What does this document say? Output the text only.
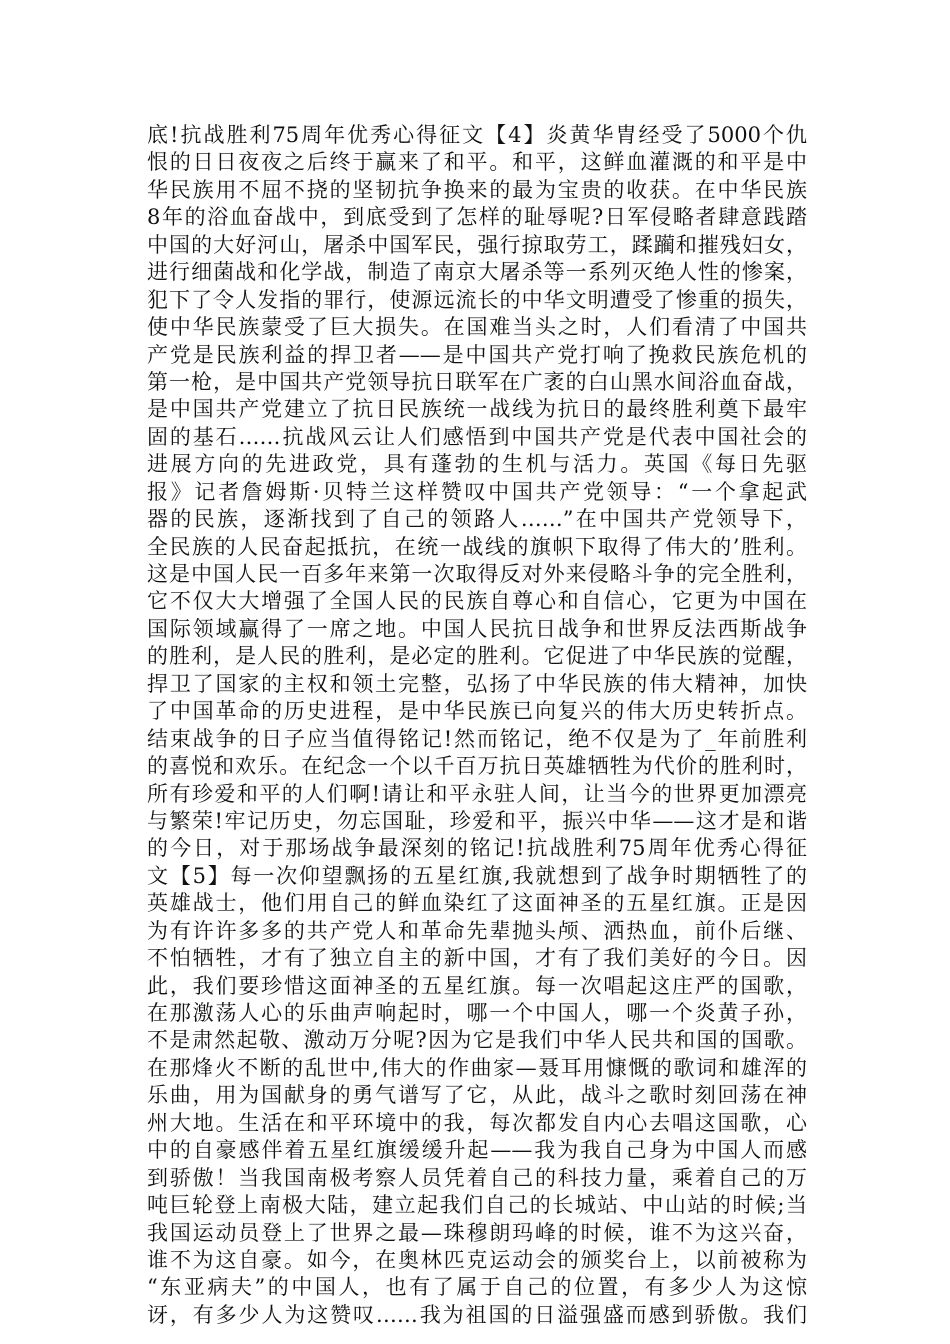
底!抗战胜利75周年优秀心得征文【4】炎黄华胄经受了5000个仇
恨的日日夜夜之后终于赢来了和平。和平，这鲜血灌溉的和平是中
华民族用不屈不挠的坚韧抗争换来的最为宝贵的收获。在中华民族
8年的浴血奋战中，到底受到了怎样的耻辱呢?日军侵略者肆意践踏
中国的大好河山，屠杀中国军民，强行掠取劳工，蹂躏和摧残妇女，
进行细菌战和化学战，制造了南京大屠杀等一系列灭绝人性的惨案，
犯下了令人发指的罪行，使源远流长的中华文明遭受了惨重的损失，
使中华民族蒙受了巨大损失。在国难当头之时，人们看清了中国共
产党是民族利益的捍卫者——是中国共产党打响了挽救民族危机的
第一枪，是中国共产党领导抗日联军在广袤的白山黑水间浴血奋战，
是中国共产党建立了抗日民族统一战线为抗日的最终胜利奠下最牢
固的基石……抗战风云让人们感悟到中国共产党是代表中国社会的
进展方向的先进政党，具有蓬勃的生机与活力。英国《每日先驱
报》记者詹姆斯·贝特兰这样赞叹中国共产党领导：“一个拿起武
器的民族，逐渐找到了自己的领路人……”在中国共产党领导下，
全民族的人民奋起抵抗，在统一战线的旗帜下取得了伟大的’胜利。
这是中国人民一百多年来第一次取得反对外来侵略斗争的完全胜利，
它不仅大大增强了全国人民的民族自尊心和自信心，它更为中国在
国际领域赢得了一席之地。中国人民抗日战争和世界反法西斯战争
的胜利，是人民的胜利，是必定的胜利。它促进了中华民族的觉醒，
捍卫了国家的主权和领土完整，弘扬了中华民族的伟大精神，加快
了中国革命的历史进程，是中华民族已向复兴的伟大历史转折点。
结束战争的日子应当值得铭记!然而铭记，绝不仅是为了_年前胜利
的喜悦和欢乐。在纪念一个以千百万抗日英雄牺牲为代价的胜利时，
所有珍爱和平的人们啊!请让和平永驻人间，让当今的世界更加漂亮
与繁荣!牢记历史，勿忘国耻，珍爱和平，振兴中华——这才是和谐
的今日，对于那场战争最深刻的铭记!抗战胜利75周年优秀心得征
文【5】每一次仰望飘扬的五星红旗,我就想到了战争时期牺牲了的
英雄战士，他们用自己的鲜血染红了这面神圣的五星红旗。正是因
为有许许多多的共产党人和革命先辈抛头颅、洒热血，前仆后继、
不怕牺牲，才有了独立自主的新中国，才有了我们美好的今日。因
此，我们要珍惜这面神圣的五星红旗。每一次唱起这庄严的国歌，
在那激荡人心的乐曲声响起时，哪一个中国人，哪一个炎黄子孙，
不是肃然起敬、激动万分呢?因为它是我们中华人民共和国的国歌。
在那烽火不断的乱世中,伟大的作曲家—聂耳用慷慨的歌词和雄浑的
乐曲，用为国献身的勇气谱写了它，从此，战斗之歌时刻回荡在神
州大地。生活在和平环境中的我，每次都发自内心去唱这国歌，心
中的自豪感伴着五星红旗缓缓升起——我为我自己身为中国人而感
到骄傲！当我国南极考察人员凭着自己的科技力量，乘着自己的万
吨巨轮登上南极大陆，建立起我们自己的长城站、中山站的时候;当
我国运动员登上了世界之最—珠穆朗玛峰的时候，谁不为这兴奋，
谁不为这自豪。如今，在奥林匹克运动会的颁奖台上，以前被称为
“东亚病夫”的中国人，也有了属于自己的位置，有多少人为这惊
讶，有多少人为这赞叹……我为祖国的日溢强盛而感到骄傲。我们
